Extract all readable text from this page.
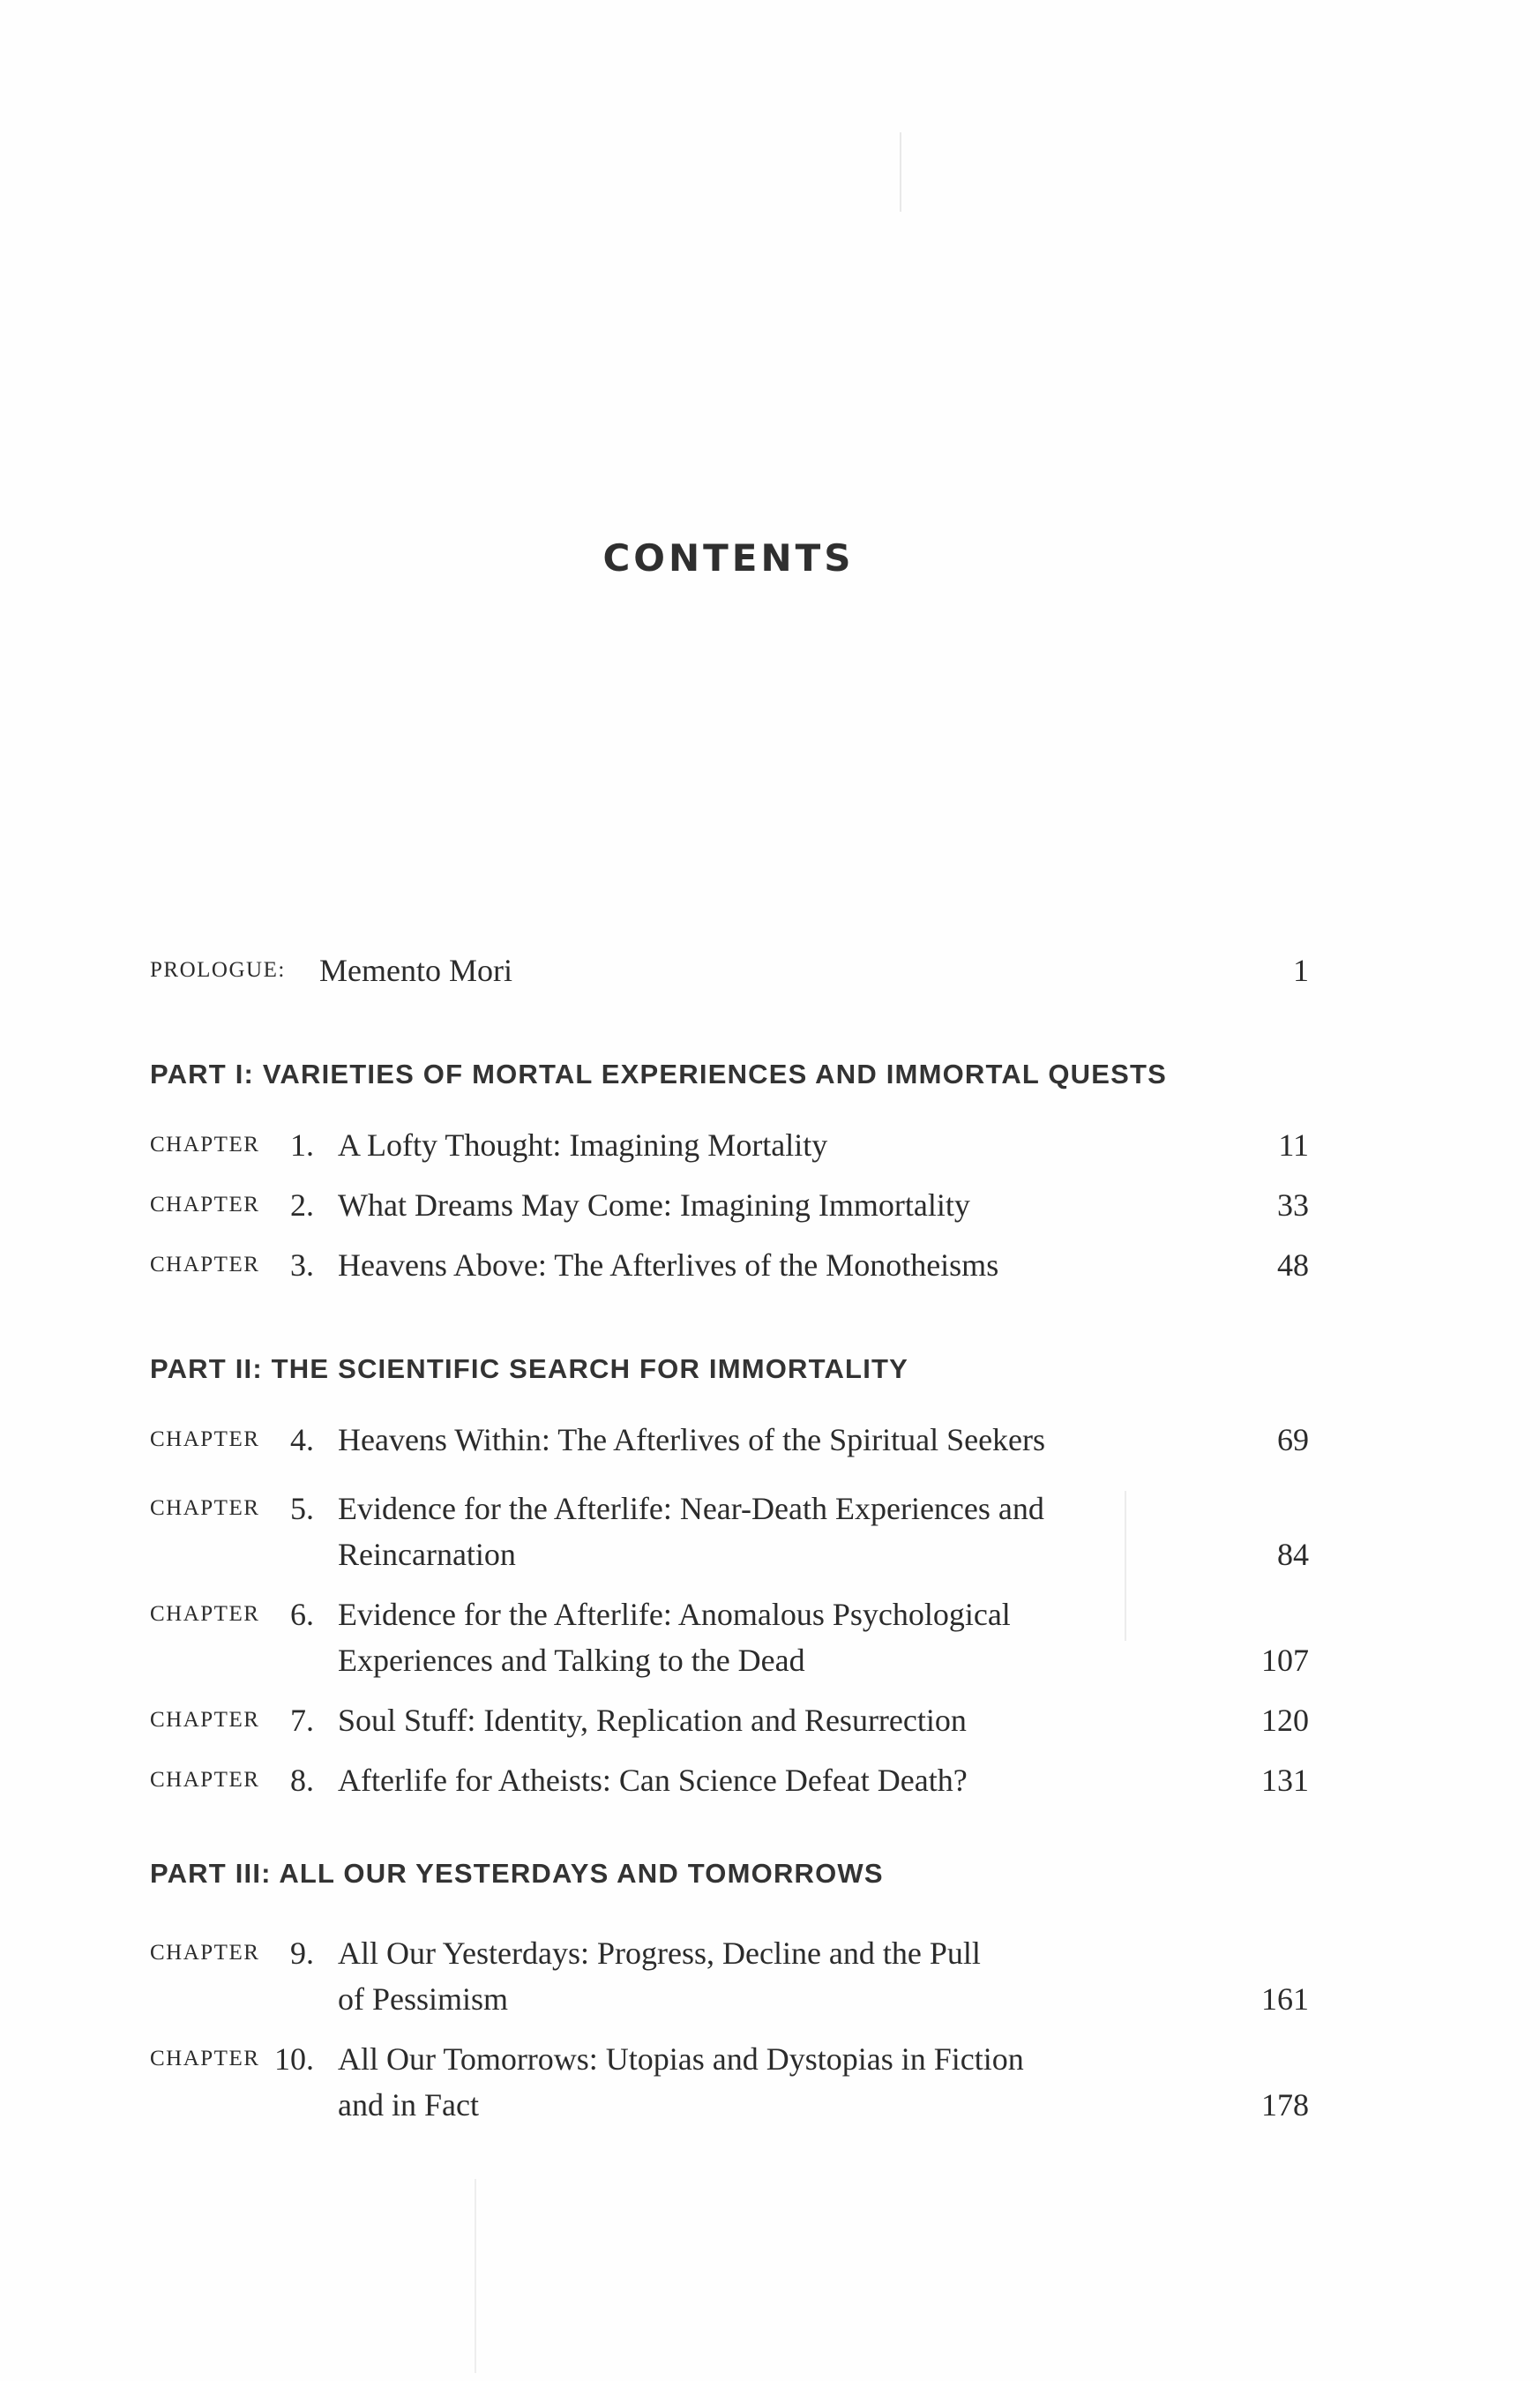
CONTENTS
PROLOGUE: Memento Mori	1
PART I: VARIETIES OF MORTAL EXPERIENCES AND IMMORTAL QUESTS
CHAPTER 1. A Lofty Thought: Imagining Mortality	11
CHAPTER 2. What Dreams May Come: Imagining Immortality	33
CHAPTER 3. Heavens Above: The Afterlives of the Monotheisms	48
PART II: THE SCIENTIFIC SEARCH FOR IMMORTALITY
CHAPTER 4. Heavens Within: The Afterlives of the Spiritual Seekers	69
CHAPTER 5. Evidence for the Afterlife: Near-Death Experiences and
Reincarnation	84
CHAPTER 6. Evidence for the Afterlife: Anomalous Psychological
Experiences and Talking to the Dead	107
CHAPTER 7. Soul Stuff: Identity, Replication and Resurrection	120
CHAPTER 8. Afterlife for Atheists: Can Science Defeat Death?	131
PART III: ALL OUR YESTERDAYS AND TOMORROWS
CHAPTER 9. All Our Yesterdays: Progress, Decline and the Pull
of Pessimism	161
CHAPTER 10. All Our Tomorrows: Utopias and Dystopias in Fiction
and in Fact	178
